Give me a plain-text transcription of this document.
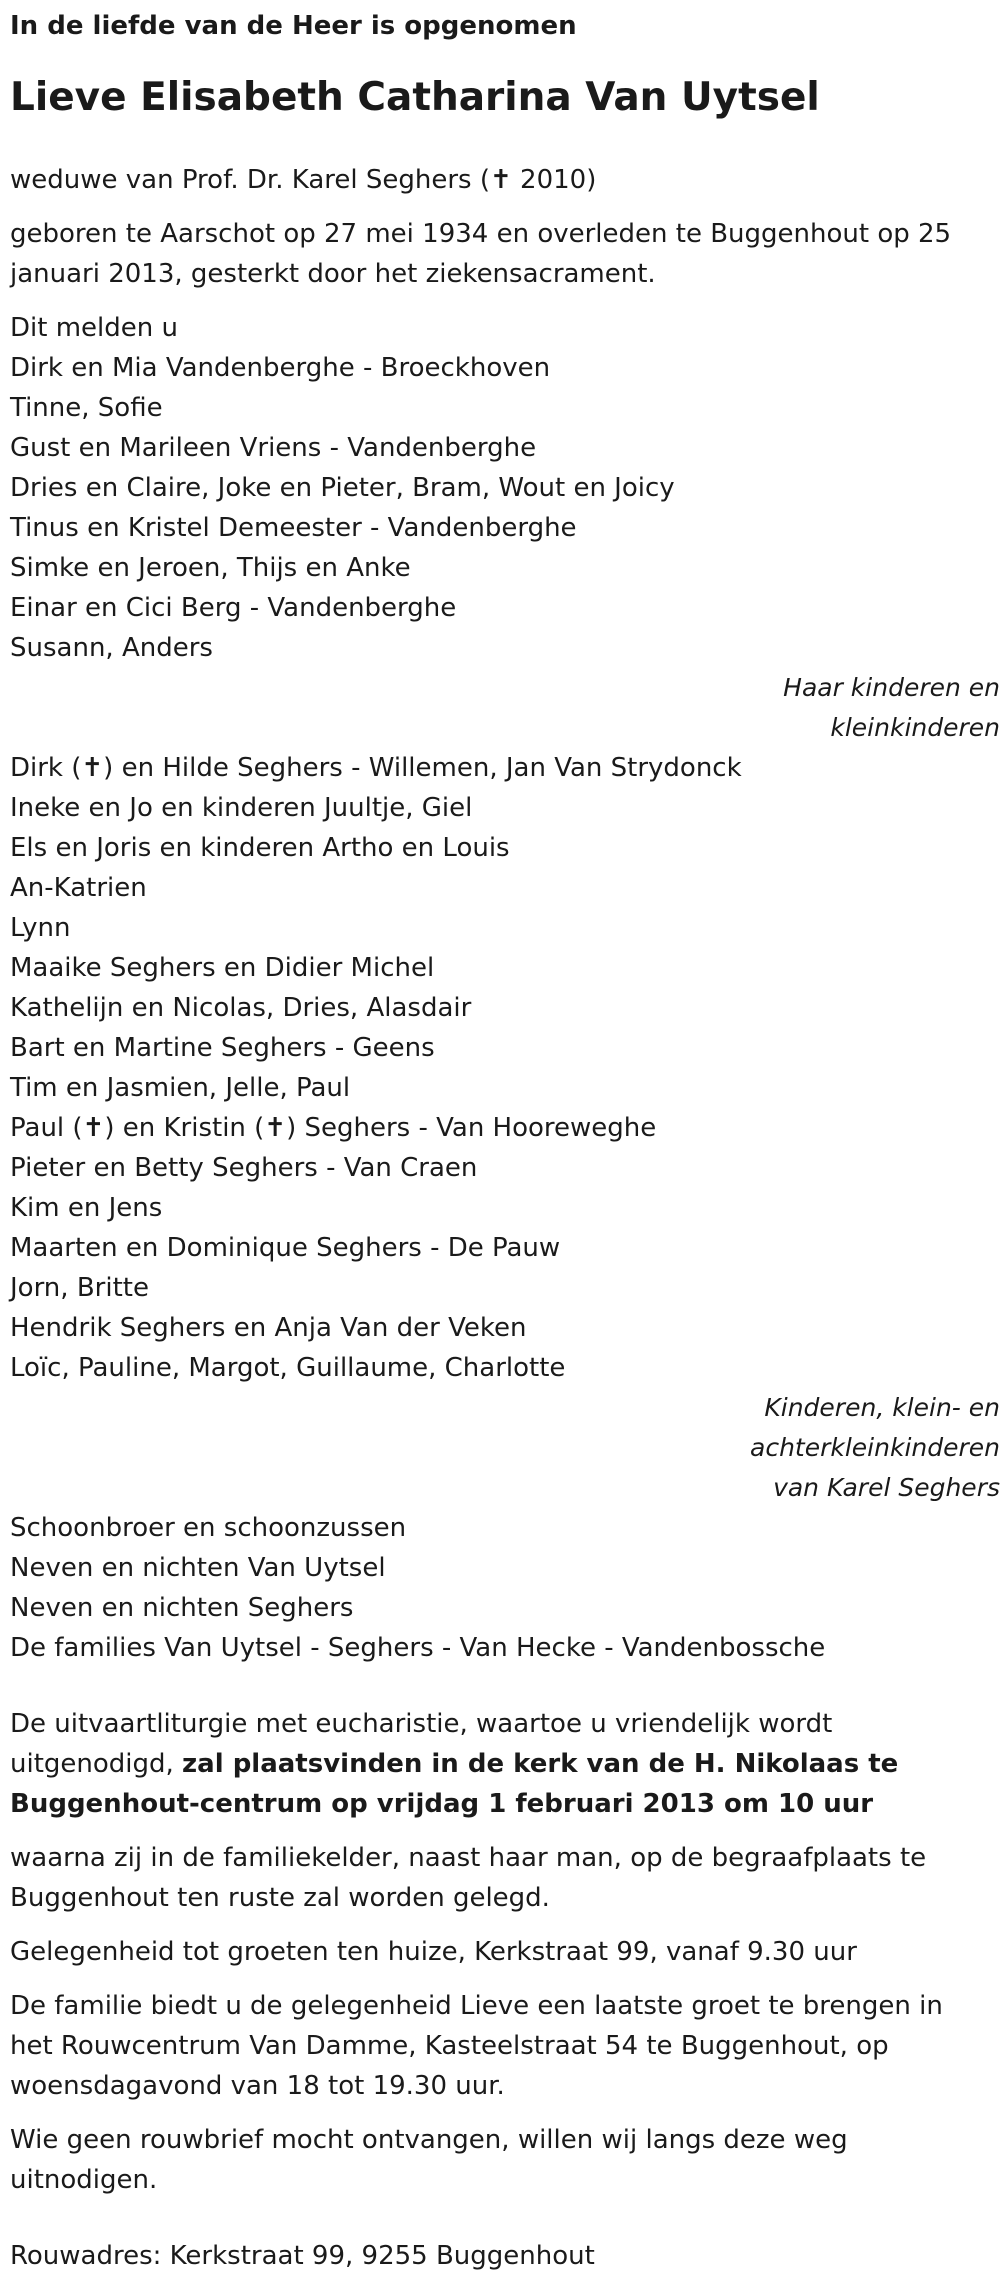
In de liefde van de Heer is opgenomen

Lieve Elisabeth Catharina Van Uytsel

weduwe van Prof. Dr. Karel Seghers (✝ 2010)

geboren te Aarschot op 27 mei 1934 en overleden te Buggenhout op 25 januari 2013, gesterkt door het ziekensacrament.

Dit melden u

Dirk en Mia Vandenberghe - Broeckhoven
Tinne, Sofie
Gust en Marileen Vriens - Vandenberghe
Dries en Claire, Joke en Pieter, Bram, Wout en Joicy
Tinus en Kristel Demeester - Vandenberghe
Simke en Jeroen, Thijs en Anke
Einar en Cici Berg - Vandenberghe
Susann, Anders
Haar kinderen en
kleinkinderen
Dirk (✝) en Hilde Seghers - Willemen, Jan Van Strydonck
Ineke en Jo en kinderen Juultje, Giel
Els en Joris en kinderen Artho en Louis
An-Katrien
Lynn
Maaike Seghers en Didier Michel
Kathelijn en Nicolas, Dries, Alasdair
Bart en Martine Seghers - Geens
Tim en Jasmien, Jelle, Paul
Paul (✝) en Kristin (✝) Seghers - Van Hooreweghe
Pieter en Betty Seghers - Van Craen
Kim en Jens
Maarten en Dominique Seghers - De Pauw
Jorn, Britte
Hendrik Seghers en Anja Van der Veken
Loïc, Pauline, Margot, Guillaume, Charlotte
Kinderen, klein- en
achterkleinkinderen
van Karel Seghers
Schoonbroer en schoonzussen
Neven en nichten Van Uytsel
Neven en nichten Seghers
De families Van Uytsel - Seghers - Van Hecke - Vandenbossche

De uitvaartliturgie met eucharistie, waartoe u vriendelijk wordt uitgenodigd, zal plaatsvinden in de kerk van de H. Nikolaas te Buggenhout-centrum op vrijdag 1 februari 2013 om 10 uur

waarna zij in de familiekelder, naast haar man, op de begraafplaats te Buggenhout ten ruste zal worden gelegd.

Gelegenheid tot groeten ten huize, Kerkstraat 99, vanaf 9.30 uur

De familie biedt u de gelegenheid Lieve een laatste groet te brengen in het Rouwcentrum Van Damme, Kasteelstraat 54 te Buggenhout, op woensdagavond van 18 tot 19.30 uur.

Wie geen rouwbrief mocht ontvangen, willen wij langs deze weg uitnodigen.

Rouwadres: Kerkstraat 99, 9255 Buggenhout
